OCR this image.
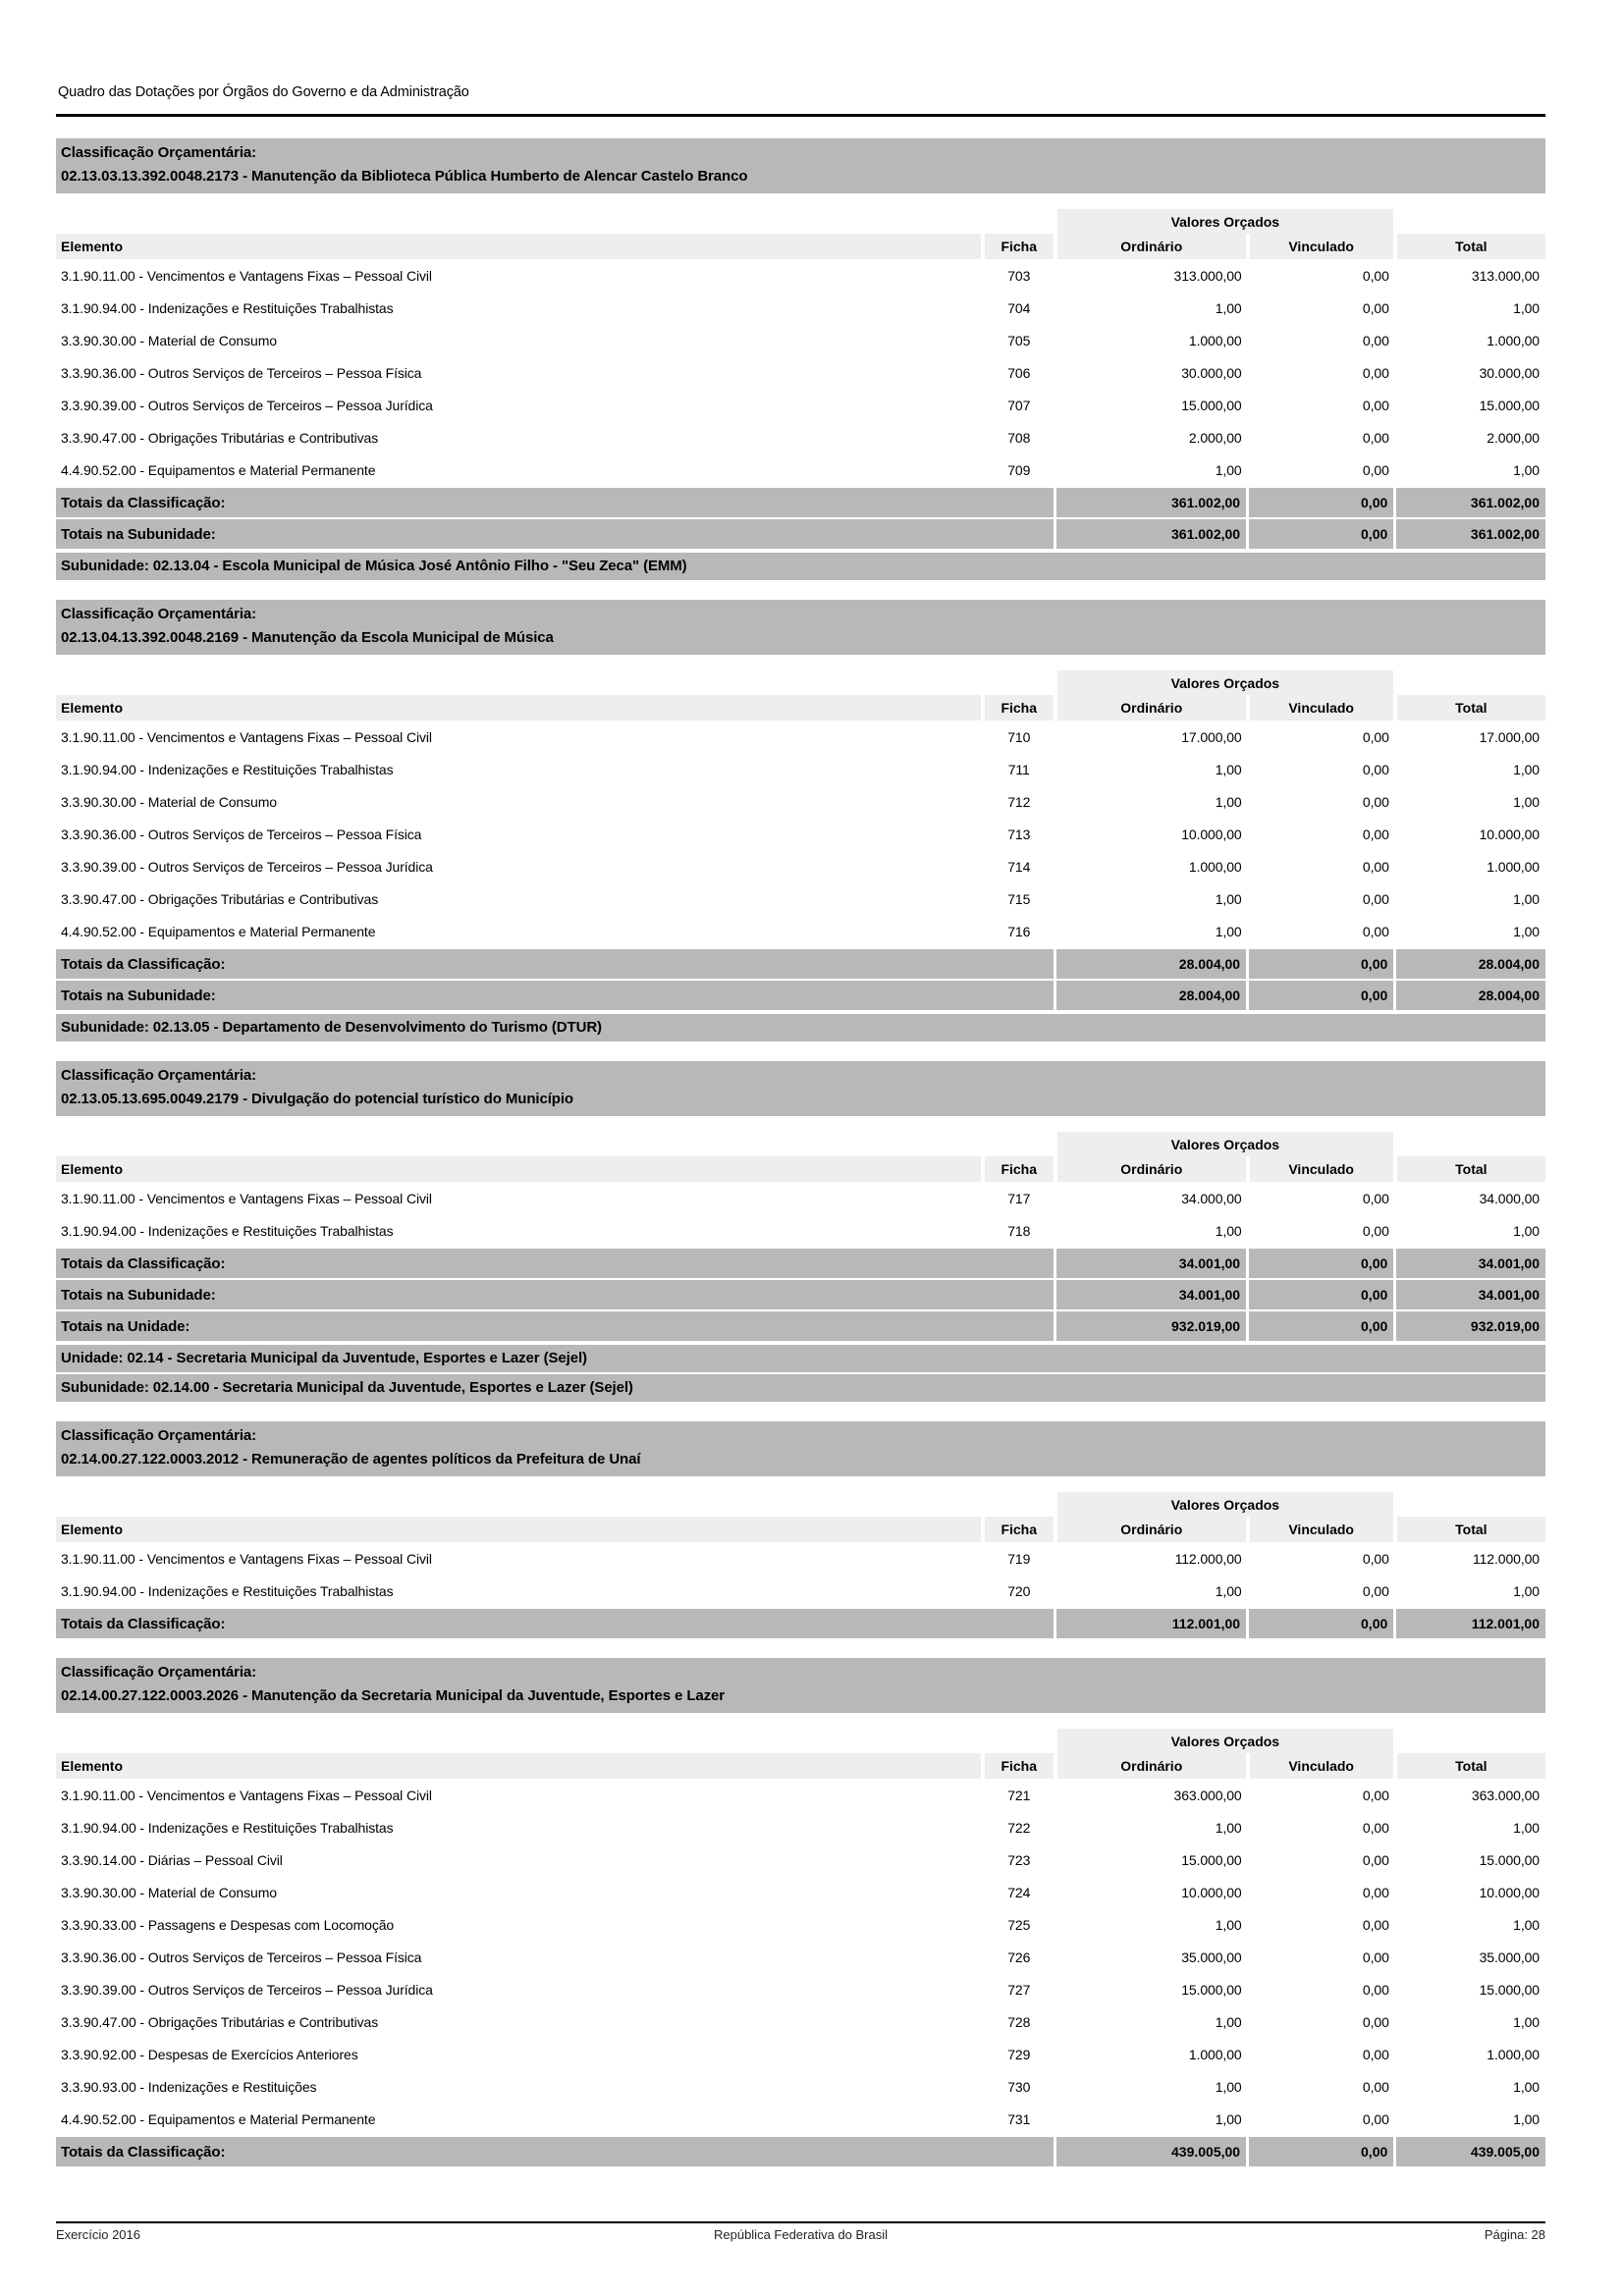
Quadro das Dotações por Órgãos do Governo e da Administração
Classificação Orçamentária:
02.13.03.13.392.0048.2173 - Manutenção da Biblioteca Pública Humberto de Alencar Castelo Branco
		Valores Orçados		
Elemento	Ficha	Ordinário	Vinculado	Total
3.1.90.11.00 - Vencimentos e Vantagens Fixas – Pessoal Civil	703	313.000,00	0,00	313.000,00
3.1.90.94.00 - Indenizações e Restituições Trabalhistas	704	1,00	0,00	1,00
3.3.90.30.00 - Material de Consumo	705	1.000,00	0,00	1.000,00
3.3.90.36.00 - Outros Serviços de Terceiros – Pessoa Física	706	30.000,00	0,00	30.000,00
3.3.90.39.00 - Outros Serviços de Terceiros – Pessoa Jurídica	707	15.000,00	0,00	15.000,00
3.3.90.47.00 - Obrigações Tributárias e Contributivas	708	2.000,00	0,00	2.000,00
4.4.90.52.00 - Equipamentos e Material Permanente	709	1,00	0,00	1,00
Totais da Classificação:		361.002,00	0,00	361.002,00
Totais na Subunidade:		361.002,00	0,00	361.002,00
Subunidade: 02.13.04 - Escola Municipal de Música José Antônio Filho - "Seu Zeca" (EMM)
Classificação Orçamentária:
02.13.04.13.392.0048.2169 - Manutenção da Escola Municipal de Música
		Valores Orçados		
Elemento	Ficha	Ordinário	Vinculado	Total
3.1.90.11.00 - Vencimentos e Vantagens Fixas – Pessoal Civil	710	17.000,00	0,00	17.000,00
3.1.90.94.00 - Indenizações e Restituições Trabalhistas	711	1,00	0,00	1,00
3.3.90.30.00 - Material de Consumo	712	1,00	0,00	1,00
3.3.90.36.00 - Outros Serviços de Terceiros – Pessoa Física	713	10.000,00	0,00	10.000,00
3.3.90.39.00 - Outros Serviços de Terceiros – Pessoa Jurídica	714	1.000,00	0,00	1.000,00
3.3.90.47.00 - Obrigações Tributárias e Contributivas	715	1,00	0,00	1,00
4.4.90.52.00 - Equipamentos e Material Permanente	716	1,00	0,00	1,00
Totais da Classificação:		28.004,00	0,00	28.004,00
Totais na Subunidade:		28.004,00	0,00	28.004,00
Subunidade: 02.13.05 - Departamento de Desenvolvimento do Turismo (DTUR)
Classificação Orçamentária:
02.13.05.13.695.0049.2179 - Divulgação do potencial turístico do Município
		Valores Orçados		
Elemento	Ficha	Ordinário	Vinculado	Total
3.1.90.11.00 - Vencimentos e Vantagens Fixas – Pessoal Civil	717	34.000,00	0,00	34.000,00
3.1.90.94.00 - Indenizações e Restituições Trabalhistas	718	1,00	0,00	1,00
Totais da Classificação:		34.001,00	0,00	34.001,00
Totais na Subunidade:		34.001,00	0,00	34.001,00
Totais na Unidade:		932.019,00	0,00	932.019,00
Unidade: 02.14 - Secretaria Municipal da Juventude, Esportes e Lazer (Sejel)
Subunidade: 02.14.00 - Secretaria Municipal da Juventude, Esportes e Lazer (Sejel)
Classificação Orçamentária:
02.14.00.27.122.0003.2012 - Remuneração de agentes políticos da Prefeitura de Unaí
		Valores Orçados		
Elemento	Ficha	Ordinário	Vinculado	Total
3.1.90.11.00 - Vencimentos e Vantagens Fixas – Pessoal Civil	719	112.000,00	0,00	112.000,00
3.1.90.94.00 - Indenizações e Restituições Trabalhistas	720	1,00	0,00	1,00
Totais da Classificação:		112.001,00	0,00	112.001,00
Classificação Orçamentária:
02.14.00.27.122.0003.2026 - Manutenção da Secretaria Municipal da Juventude, Esportes e Lazer
		Valores Orçados		
Elemento	Ficha	Ordinário	Vinculado	Total
3.1.90.11.00 - Vencimentos e Vantagens Fixas – Pessoal Civil	721	363.000,00	0,00	363.000,00
3.1.90.94.00 - Indenizações e Restituições Trabalhistas	722	1,00	0,00	1,00
3.3.90.14.00 - Diárias – Pessoal Civil	723	15.000,00	0,00	15.000,00
3.3.90.30.00 - Material de Consumo	724	10.000,00	0,00	10.000,00
3.3.90.33.00 - Passagens e Despesas com Locomoção	725	1,00	0,00	1,00
3.3.90.36.00 - Outros Serviços de Terceiros – Pessoa Física	726	35.000,00	0,00	35.000,00
3.3.90.39.00 - Outros Serviços de Terceiros – Pessoa Jurídica	727	15.000,00	0,00	15.000,00
3.3.90.47.00 - Obrigações Tributárias e Contributivas	728	1,00	0,00	1,00
3.3.90.92.00 - Despesas de Exercícios Anteriores	729	1.000,00	0,00	1.000,00
3.3.90.93.00 - Indenizações e Restituições	730	1,00	0,00	1,00
4.4.90.52.00 - Equipamentos e Material Permanente	731	1,00	0,00	1,00
Totais da Classificação:		439.005,00	0,00	439.005,00
Exercício 2016	República Federativa do Brasil	Página: 28
